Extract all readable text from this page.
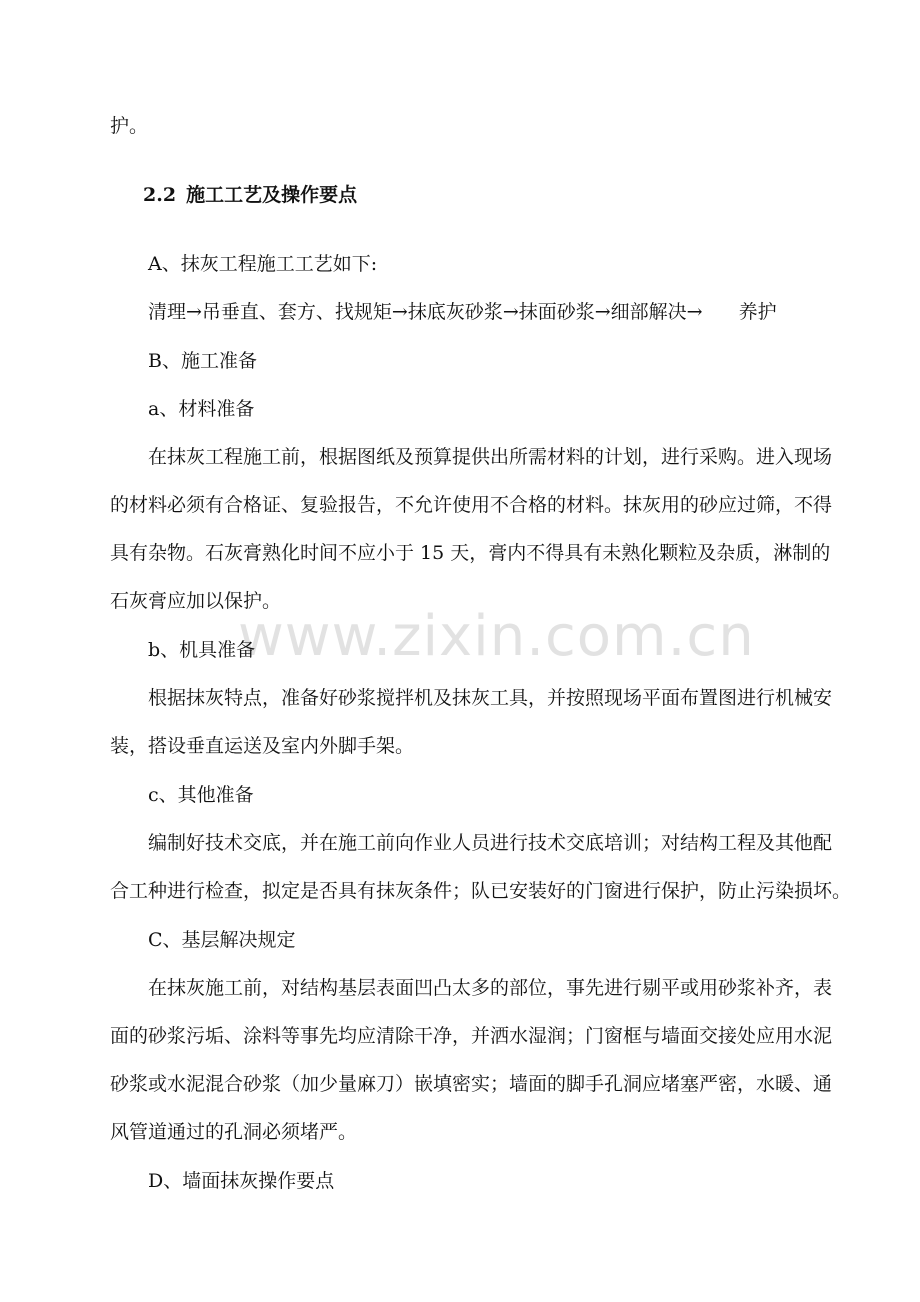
www.zixin.com.cn
护。
2.2 施工工艺及操作要点
A、抹灰工程施工工艺如下:
清理→吊垂直、套方、找规矩→抹底灰砂浆→抹面砂浆→细部解决→ 养护
B、施工准备
a、材料准备
在抹灰工程施工前，根据图纸及预算提供出所需材料的计划，进行采购。进入现场
的材料必须有合格证、复验报告，不允许使用不合格的材料。抹灰用的砂应过筛，不得
具有杂物。石灰膏熟化时间不应小于 15 天，膏内不得具有未熟化颗粒及杂质，淋制的
石灰膏应加以保护。
b、机具准备
根据抹灰特点，准备好砂浆搅拌机及抹灰工具，并按照现场平面布置图进行机械安
装，搭设垂直运送及室内外脚手架。
c、其他准备
编制好技术交底，并在施工前向作业人员进行技术交底培训；对结构工程及其他配
合工种进行检查，拟定是否具有抹灰条件；队已安装好的门窗进行保护，防止污染损坏。
C、基层解决规定
在抹灰施工前，对结构基层表面凹凸太多的部位，事先进行剔平或用砂浆补齐，表
面的砂浆污垢、涂料等事先均应清除干净，并洒水湿润；门窗框与墙面交接处应用水泥
砂浆或水泥混合砂浆（加少量麻刀）嵌填密实；墙面的脚手孔洞应堵塞严密，水暖、通
风管道通过的孔洞必须堵严。
D、墙面抹灰操作要点
